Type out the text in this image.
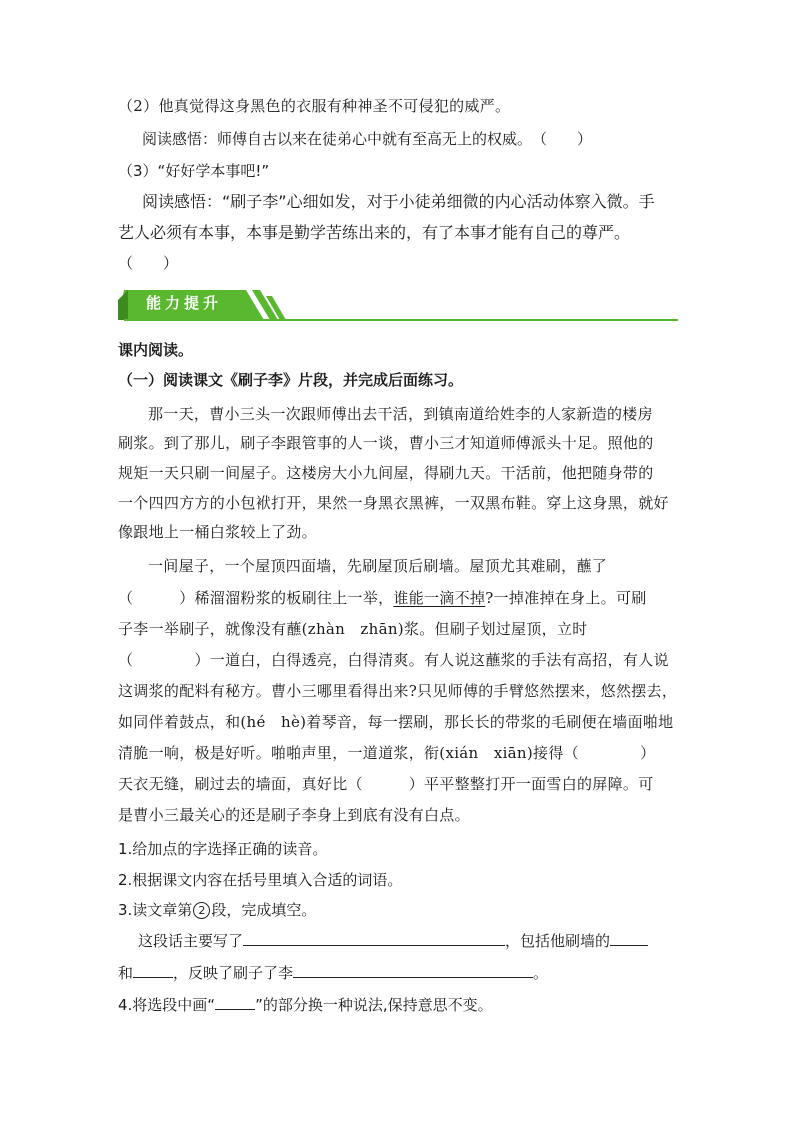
（2）他真觉得这身黑色的衣服有种神圣不可侵犯的威严。
阅读感悟：师傅自古以来在徒弟心中就有至高无上的权威。　（　　）
（3）“好好学本事吧!”
阅读感悟：“刷子李”心细如发，对于小徒弟细微的内心活动体察入微。手
艺人必须有本事，本事是勤学苦练出来的，有了本事才能有自己的尊严。
（　　）
能力提升
课内阅读。
（一）阅读课文《刷子李》片段，并完成后面练习。
那一天，曹小三头一次跟师傅出去干活，到镇南道给姓李的人家新造的楼房
刷浆。到了那儿，刷子李跟管事的人一谈，曹小三才知道师傅派头十足。照他的
规矩一天只刷一间屋子。这楼房大小九间屋，得刷九天。干活前，他把随身带的
一个四四方方的小包袱打开，果然一身黑衣黑裤，一双黑布鞋。穿上这身黑，就好
像跟地上一桶白浆较上了劲。
一间屋子，一个屋顶四面墙，先刷屋顶后刷墙。屋顶尤其难刷，蘸了
（　　　）稀溜溜粉浆的板刷往上一举，谁能一滴不掉?一掉准掉在身上。可刷
子李一举刷子，就像没有蘸(zhàn　zhān)浆。但刷子划过屋顶，立时
（　　　　）一道白，白得透亮，白得清爽。有人说这蘸浆的手法有高招，有人说
这调浆的配料有秘方。曹小三哪里看得出来?只见师傅的手臂悠然摆来，悠然摆去，
如同伴着鼓点，和(hé　hè)着琴音，每一摆刷，那长长的带浆的毛刷便在墙面啪地
清脆一响，极是好听。啪啪声里，一道道浆，衔(xián　xiān)接得（　　　　）
天衣无缝，刷过去的墙面，真好比（　　　）平平整整打开一面雪白的屏障。可
是曹小三最关心的还是刷子李身上到底有没有白点。
1.给加点的字选择正确的读音。
2.根据课文内容在括号里填入合适的词语。
3.读文章第 2 段，完成填空。
这段话主要写了	，包括他刷墙的
和	，反映了刷子了李	。
4.将选段中画“	”的部分换一种说法,保持意思不变。
